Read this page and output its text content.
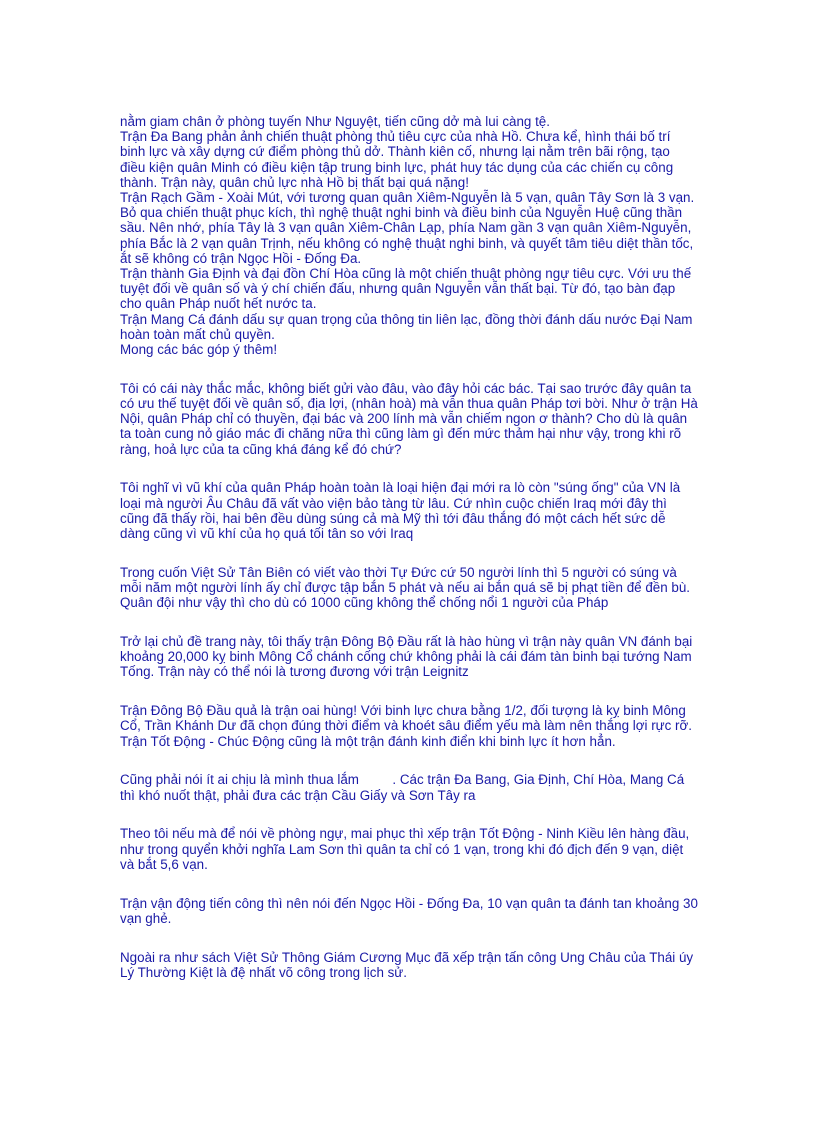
nằm giam chân ở phòng tuyến Như Nguyệt, tiến cũng dở mà lui càng tệ.
Trận Đa Bang phản ảnh chiến thuật phòng thủ tiêu cực của nhà Hồ. Chưa kể, hình thái bố trí
binh lực và xây dựng cứ điểm phòng thủ dở. Thành kiên cố, nhưng lại nằm trên bãi rộng, tạo
điều kiện quân Minh có điều kiện tập trung binh lực, phát huy tác dụng của các chiến cụ công
thành. Trận này, quân chủ lực nhà Hồ bị thất bại quá nặng!
Trận Rạch Gầm - Xoài Mút, với tương quan quân Xiêm-Nguyễn là 5 vạn, quân Tây Sơn là 3 vạn.
Bỏ qua chiến thuật phục kích, thì nghệ thuật nghi binh và điều binh của Nguyễn Huệ cũng thần
sầu. Nên nhớ, phía Tây là 3 vạn quân Xiêm-Chân Lạp, phía Nam gần 3 vạn quân Xiêm-Nguyễn,
phía Bắc là 2 vạn quân Trịnh, nếu không có nghệ thuật nghi binh, và quyết tâm tiêu diệt thần tốc,
ắt sẽ không có trận Ngọc Hồi - Đống Đa.
Trận thành Gia Định và đại đồn Chí Hòa cũng là một chiến thuật phòng ngự tiêu cực. Với ưu thế
tuyệt đối về quân số và ý chí chiến đấu, nhưng quân Nguyễn vẫn thất bại. Từ đó, tạo bàn đạp
cho quân Pháp nuốt hết nước ta.
Trận Mang Cá đánh dấu sự quan trọng của thông tin liên lạc, đồng thời đánh dấu nước Đại Nam
hoàn toàn mất chủ quyền.
Mong các bác góp ý thêm!
Tôi có cái này thắc mắc, không biết gửi vào đâu, vào đây hỏi các bác. Tại sao trước đây quân ta
có ưu thế tuyệt đối về quân số, địa lợi, (nhân hoà) mà vẫn thua quân Pháp tơi bời. Như ở trận Hà
Nội, quân Pháp chỉ có thuyền, đại bác và 200 lính mà vẫn chiếm ngon ơ thành? Cho dù là quân
ta toàn cung nỏ giáo mác đi chăng nữa thì cũng làm gì đến mức thảm hại như vậy, trong khi rõ
ràng, hoả lực của ta cũng khá đáng kể đó chứ?
Tôi nghĩ vì vũ khí của quân Pháp hoàn toàn là loại hiện đại mới ra lò còn "súng ống" của VN là
loại mà người Âu Châu đã vất vào viện bảo tàng từ lâu. Cứ nhìn cuộc chiến Iraq mới đây thì
cũng đã thấy rồi, hai bên đều dùng súng cả mà Mỹ thì tới đâu thắng đó một cách hết sức dễ
dàng cũng vì vũ khí của họ quá tối tân so với Iraq
Trong cuốn Việt Sử Tân Biên có viết vào thời Tự Đức cứ 50 người lính thì 5 người có súng và
mỗi năm một người lính ấy chỉ được tập bắn 5 phát và nếu ai bắn quá sẽ bị phạt tiền để đền bù.
Quân đội như vậy thì cho dù có 1000 cũng không thể chống nổi 1 người của Pháp
Trở lại chủ đề trang này, tôi thấy trận Đông Bộ Đầu rất là hào hùng vì trận này quân VN đánh bại
khoảng 20,000 kỵ binh Mông Cổ chánh cống chứ không phải là cái đám tàn binh bại tướng Nam
Tống. Trận này có thể nói là tương đương với trận Leignitz
Trận Đông Bộ Đầu quả là trận oai hùng! Với binh lực chưa bằng 1/2, đối tượng là kỵ binh Mông
Cổ, Trần Khánh Dư đã chọn đúng thời điểm và khoét sâu điểm yếu mà làm nên thắng lợi rực rỡ.
Trận Tốt Động - Chúc Động cũng là một trận đánh kinh điển khi binh lực ít hơn hẳn.
Cũng phải nói ít ai chịu là mình thua lắm         . Các trận Đa Bang, Gia Định, Chí Hòa, Mang Cá
thì khó nuốt thật, phải đưa các trận Cầu Giấy và Sơn Tây ra
Theo tôi nếu mà để nói về phòng ngự, mai phục thì xếp trận Tốt Động - Ninh Kiều lên hàng đầu,
như trong quyển khởi nghĩa Lam Sơn thì quân ta chỉ có 1 vạn, trong khi đó địch đến 9 vạn, diệt
và bắt 5,6 vạn.
Trận vận động tiến công thì nên nói đến Ngọc Hồi - Đống Đa, 10 vạn quân ta đánh tan khoảng 30
vạn ghẻ.
Ngoài ra như sách Việt Sử Thông Giám Cương Mục đã xếp trận tấn công Ung Châu của Thái úy
Lý Thường Kiệt là đệ nhất võ công trong lịch sử.
